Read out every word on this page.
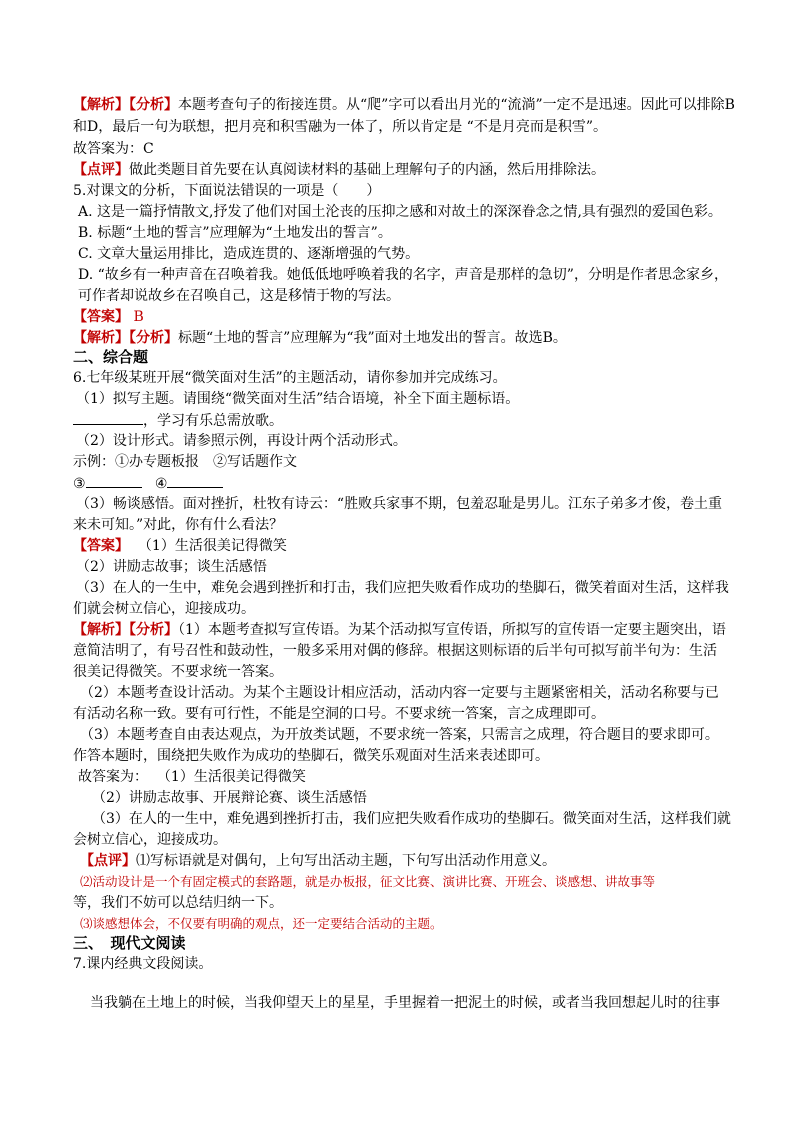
【解析】【分析】本题考查句子的衔接连贯。从“爬”字可以看出月光的“流淌”一定不是迅速。因此可以排除B
和D，最后一句为联想，把月亮和积雪融为一体了，所以肯定是 “不是月亮而是积雪”。
故答案为：C
【点评】做此类题目首先要在认真阅读材料的基础上理解句子的内涵，然后用排除法。
5.对课文的分析，下面说法错误的一项是（　　）
A. 这是一篇抒情散文,抒发了他们对国土沦丧的压抑之感和对故土的深深眷念之情,具有强烈的爱国色彩。
B. 标题“土地的誓言”应理解为“土地发出的誓言”。
C. 文章大量运用排比，造成连贯的、逐渐增强的气势。
D. “故乡有一种声音在召唤着我。她低低地呼唤着我的名字，声音是那样的急切”，分明是作者思念家乡，
可作者却说故乡在召唤自己，这是移情于物的写法。
【答案】 B
【解析】【分析】标题“土地的誓言”应理解为“我”面对土地发出的誓言。故选B。
二、综合题
6.七年级某班开展“微笑面对生活”的主题活动，请你参加并完成练习。
（1）拟写主题。请围绕“微笑面对生活”结合语境，补全下面主题标语。
，学习有乐总需放歌。
（2）设计形式。请参照示例，再设计两个活动形式。
示例：①办专题板报　②写话题作文
③	④
（3）畅谈感悟。面对挫折，杜牧有诗云：“胜败兵家事不期，包羞忍耻是男儿。江东子弟多才俊，卷土重
来未可知。”对此，你有什么看法？
【答案】 （1）生活很美记得微笑
（2）讲励志故事；谈生活感悟
（3）在人的一生中，难免会遇到挫折和打击，我们应把失败看作成功的垫脚石，微笑着面对生活，这样我
们就会树立信心，迎接成功。
【解析】【分析】（1）本题考查拟写宣传语。为某个活动拟写宣传语，所拟写的宣传语一定要主题突出，语
意简洁明了，有号召性和鼓动性，一般多采用对偶的修辞。根据这则标语的后半句可拟写前半句为：生活
很美记得微笑。不要求统一答案。
（2）本题考查设计活动。为某个主题设计相应活动，活动内容一定要与主题紧密相关，活动名称要与已
有活动名称一致。要有可行性，不能是空洞的口号。不要求统一答案，言之成理即可。
（3）本题考查自由表达观点，为开放类试题，不要求统一答案，只需言之成理，符合题目的要求即可。
作答本题时，围绕把失败作为成功的垫脚石，微笑乐观面对生活来表述即可。
故答案为： （1）生活很美记得微笑
（2）讲励志故事、开展辩论赛、谈生活感悟
（3）在人的一生中，难免遇到挫折打击，我们应把失败看作成功的垫脚石。微笑面对生活，这样我们就
会树立信心，迎接成功。
【点评】⑴写标语就是对偶句，上句写出活动主题，下句写出活动作用意义。
⑵活动设计是一个有固定模式的套路题，就是办板报，征文比赛、演讲比赛、开班会、谈感想、讲故事等
等，我们不妨可以总结归纳一下。
⑶谈感想体会，不仅要有明确的观点，还一定要结合活动的主题。
三、　现代文阅读
7.课内经典文段阅读。
当我躺在土地上的时候，当我仰望天上的星星，手里握着一把泥土的时候，或者当我回想起儿时的往事
